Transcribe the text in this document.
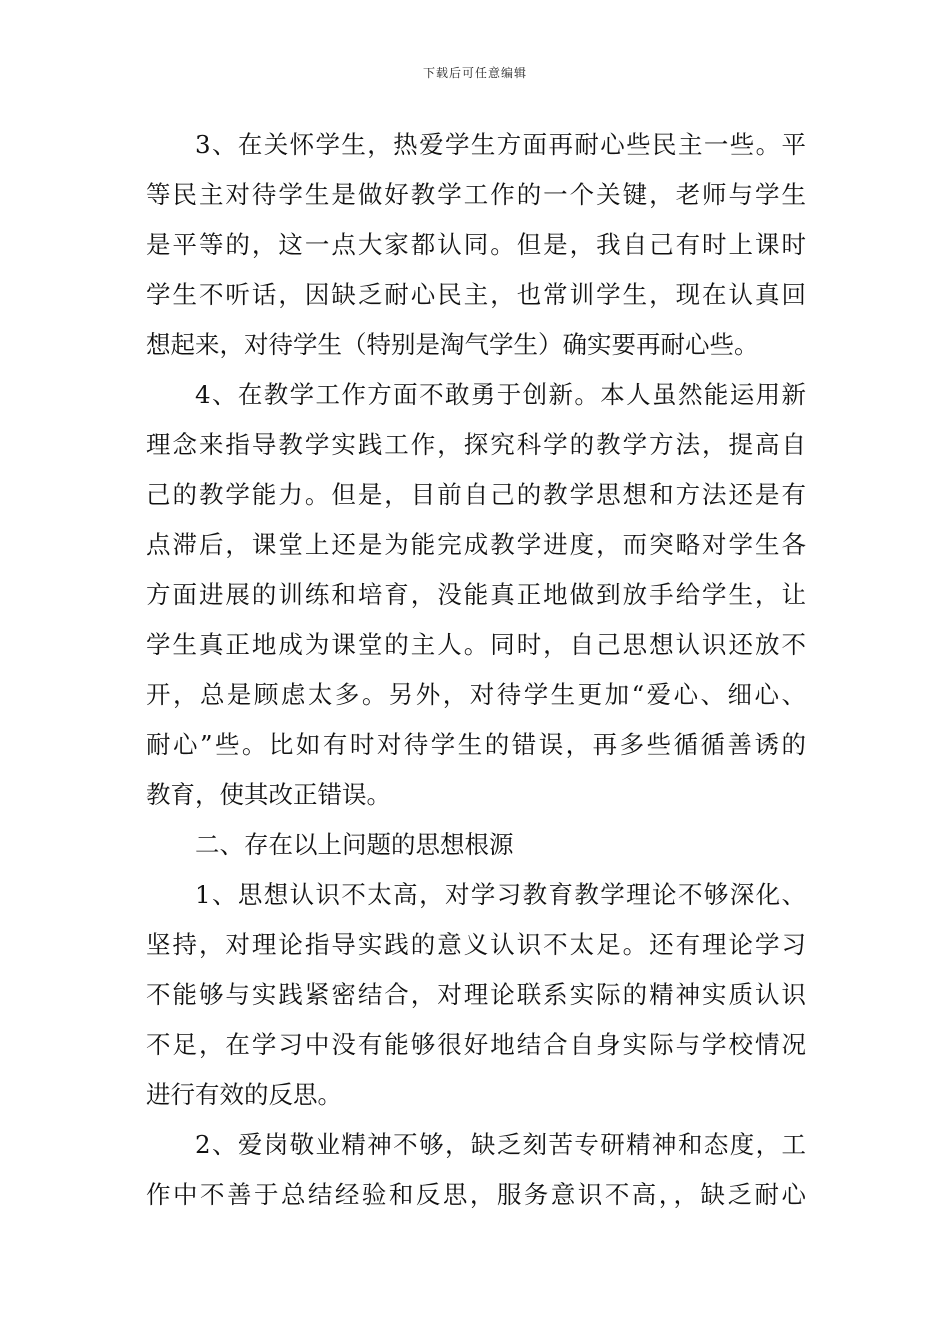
下载后可任意编辑
3、在关怀学生，热爱学生方面再耐心些民主一些。平
等民主对待学生是做好教学工作的一个关键，老师与学生
是平等的，这一点大家都认同。但是，我自己有时上课时
学生不听话，因缺乏耐心民主，也常训学生，现在认真回
想起来，对待学生（特别是淘气学生）确实要再耐心些。
4、在教学工作方面不敢勇于创新。本人虽然能运用新
理念来指导教学实践工作，探究科学的教学方法，提高自
己的教学能力。但是，目前自己的教学思想和方法还是有
点滞后，课堂上还是为能完成教学进度，而突略对学生各
方面进展的训练和培育，没能真正地做到放手给学生，让
学生真正地成为课堂的主人。同时，自己思想认识还放不
开，总是顾虑太多。另外，对待学生更加“爱心、细心、
耐心”些。比如有时对待学生的错误，再多些循循善诱的
教育，使其改正错误。
二、存在以上问题的思想根源
1、思想认识不太高，对学习教育教学理论不够深化、
坚持，对理论指导实践的意义认识不太足。还有理论学习
不能够与实践紧密结合，对理论联系实际的精神实质认识
不足，在学习中没有能够很好地结合自身实际与学校情况
进行有效的反思。
2、爱岗敬业精神不够，缺乏刻苦专研精神和态度，工
作中不善于总结经验和反思，服务意识不高，，缺乏耐心
